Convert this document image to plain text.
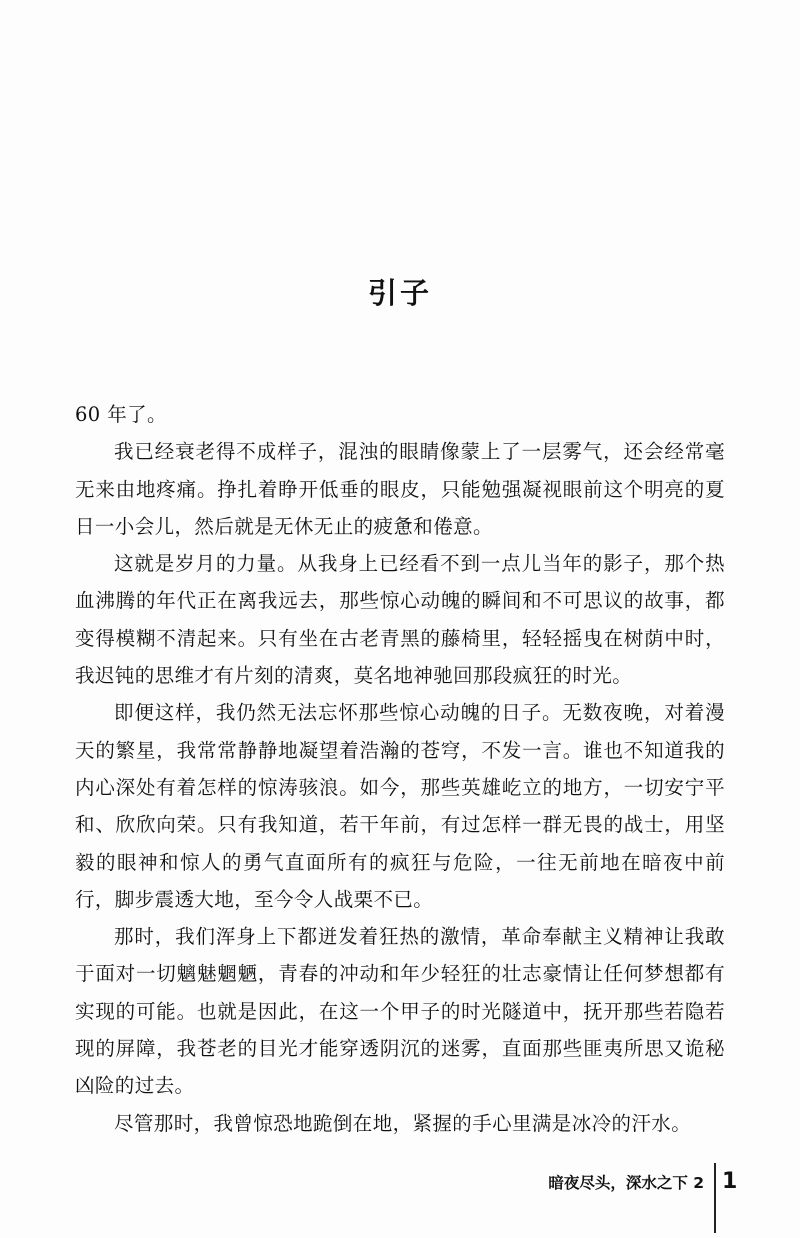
引子

60 年了。

我已经衰老得不成样子，混浊的眼睛像蒙上了一层雾气，还会经常毫无来由地疼痛。挣扎着睁开低垂的眼皮，只能勉强凝视眼前这个明亮的夏日一小会儿，然后就是无休无止的疲惫和倦意。

这就是岁月的力量。从我身上已经看不到一点儿当年的影子，那个热血沸腾的年代正在离我远去，那些惊心动魄的瞬间和不可思议的故事，都变得模糊不清起来。只有坐在古老青黑的藤椅里，轻轻摇曳在树荫中时，我迟钝的思维才有片刻的清爽，莫名地神驰回那段疯狂的时光。

即便这样，我仍然无法忘怀那些惊心动魄的日子。无数夜晚，对着漫天的繁星，我常常静静地凝望着浩瀚的苍穹，不发一言。谁也不知道我的内心深处有着怎样的惊涛骇浪。如今，那些英雄屹立的地方，一切安宁平和、欣欣向荣。只有我知道，若干年前，有过怎样一群无畏的战士，用坚毅的眼神和惊人的勇气直面所有的疯狂与危险，一往无前地在暗夜中前行，脚步震透大地，至今令人战栗不已。

那时，我们浑身上下都迸发着狂热的激情，革命奉献主义精神让我敢于面对一切魑魅魍魉，青春的冲动和年少轻狂的壮志豪情让任何梦想都有实现的可能。也就是因此，在这一个甲子的时光隧道中，抚开那些若隐若现的屏障，我苍老的目光才能穿透阴沉的迷雾，直面那些匪夷所思又诡秘凶险的过去。

尽管那时，我曾惊恐地跪倒在地，紧握的手心里满是冰冷的汗水。

暗夜尽头，深水之下 2 1
